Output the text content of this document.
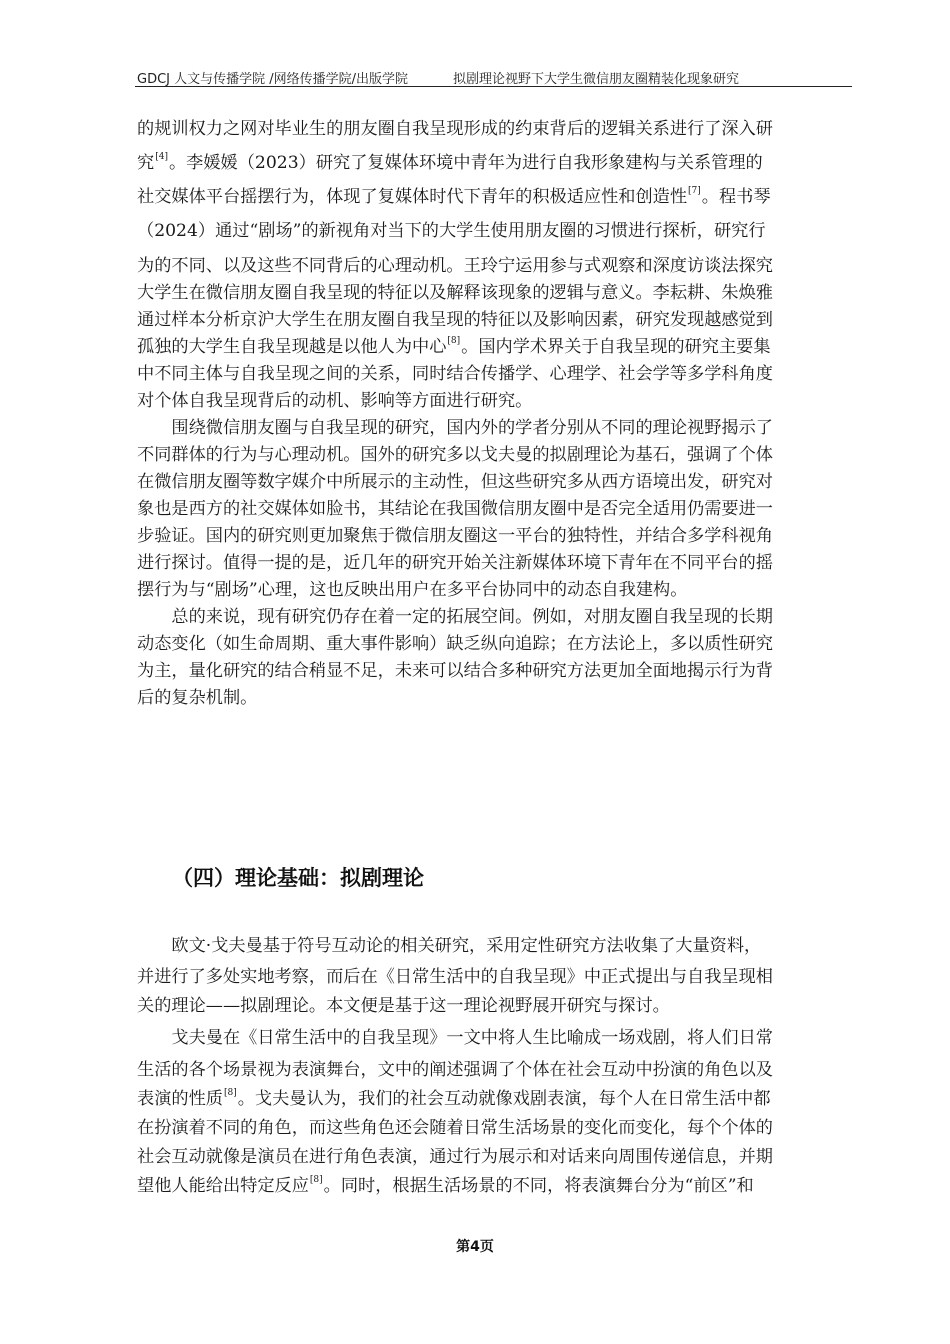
GDCJ 人文与传播学院 /网络传播学院/出版学院	拟剧理论视野下大学生微信朋友圈精装化现象研究
的规训权力之网对毕业生的朋友圈自我呈现形成的约束背后的逻辑关系进行了深入研
究[4]。李媛媛（2023）研究了复媒体环境中青年为进行自我形象建构与关系管理的
社交媒体平台摇摆行为，体现了复媒体时代下青年的积极适应性和创造性[7]。程书琴
（2024）通过“剧场”的新视角对当下的大学生使用朋友圈的习惯进行探析，研究行
为的不同、以及这些不同背后的心理动机。王玲宁运用参与式观察和深度访谈法探究
大学生在微信朋友圈自我呈现的特征以及解释该现象的逻辑与意义。李耘耕、朱焕雅
通过样本分析京沪大学生在朋友圈自我呈现的特征以及影响因素，研究发现越感觉到
孤独的大学生自我呈现越是以他人为中心[8]。国内学术界关于自我呈现的研究主要集
中不同主体与自我呈现之间的关系，同时结合传播学、心理学、社会学等多学科角度
对个体自我呈现背后的动机、影响等方面进行研究。
　　围绕微信朋友圈与自我呈现的研究，国内外的学者分别从不同的理论视野揭示了
不同群体的行为与心理动机。国外的研究多以戈夫曼的拟剧理论为基石，强调了个体
在微信朋友圈等数字媒介中所展示的主动性，但这些研究多从西方语境出发，研究对
象也是西方的社交媒体如脸书，其结论在我国微信朋友圈中是否完全适用仍需要进一
步验证。国内的研究则更加聚焦于微信朋友圈这一平台的独特性，并结合多学科视角
进行探讨。值得一提的是，近几年的研究开始关注新媒体环境下青年在不同平台的摇
摆行为与“剧场”心理，这也反映出用户在多平台协同中的动态自我建构。
　　总的来说，现有研究仍存在着一定的拓展空间。例如，对朋友圈自我呈现的长期
动态变化（如生命周期、重大事件影响）缺乏纵向追踪；在方法论上，多以质性研究
为主，量化研究的结合稍显不足，未来可以结合多种研究方法更加全面地揭示行为背
后的复杂机制。
（四）理论基础：拟剧理论
　　欧文·戈夫曼基于符号互动论的相关研究，采用定性研究方法收集了大量资料，
并进行了多处实地考察，而后在《日常生活中的自我呈现》中正式提出与自我呈现相
关的理论——拟剧理论。本文便是基于这一理论视野展开研究与探讨。
　　戈夫曼在《日常生活中的自我呈现》一文中将人生比喻成一场戏剧，将人们日常
生活的各个场景视为表演舞台，文中的阐述强调了个体在社会互动中扮演的角色以及
表演的性质[8]。戈夫曼认为，我们的社会互动就像戏剧表演，每个人在日常生活中都
在扮演着不同的角色，而这些角色还会随着日常生活场景的变化而变化，每个个体的
社会互动就像是演员在进行角色表演，通过行为展示和对话来向周围传递信息，并期
望他人能给出特定反应[8]。同时，根据生活场景的不同，将表演舞台分为“前区”和
第4页
